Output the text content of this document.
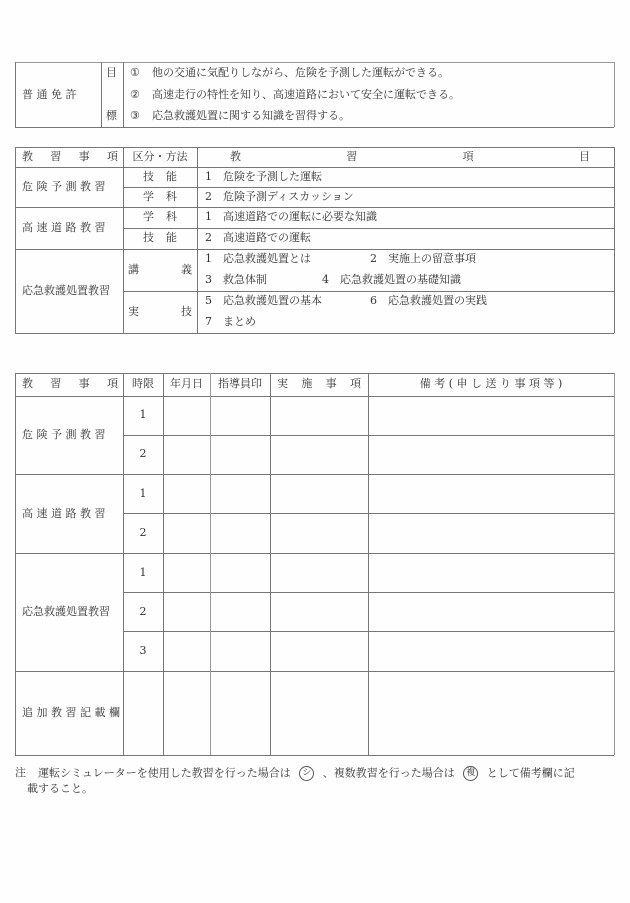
普 通 免 許
目
標
① 他の交通に気配りしながら、危険を予測した運転ができる。
② 高速走行の特性を知り、高速道路において安全に運転できる。
③ 応急救護処置に関する知識を習得する。
教 習 事 項	区分・方法	教	習	項	目
危 険 予 測 教 習
技 能	1　危険を予測した運転
学 科	2　危険予測ディスカッション
高 速 道 路 教 習
学 科	1　高速道路での運転に必要な知識
技 能	2　高速道路での運転
応急救護処置教習
講	義
1　応急救護処置とは	2　実施上の留意事項
3　救急体制	4　応急救護処置の基礎知識
実	技
5　応急救護処置の基本	6　応急救護処置の実践
7　まとめ
教 習 事 項	時限	年月日	指導員印	実 施 事 項	備 考 ( 申 し 送 り 事 項 等 )
危 険 予 測 教 習
1
2
高 速 道 路 教 習
1
2
応急救護処置教習
1
2
3
追 加 教 習 記 載 欄
注 運転シミュレーターを使用した教習を行った場合は シ 、複数教習を行った場合は 複 として備考欄に記
載すること。
